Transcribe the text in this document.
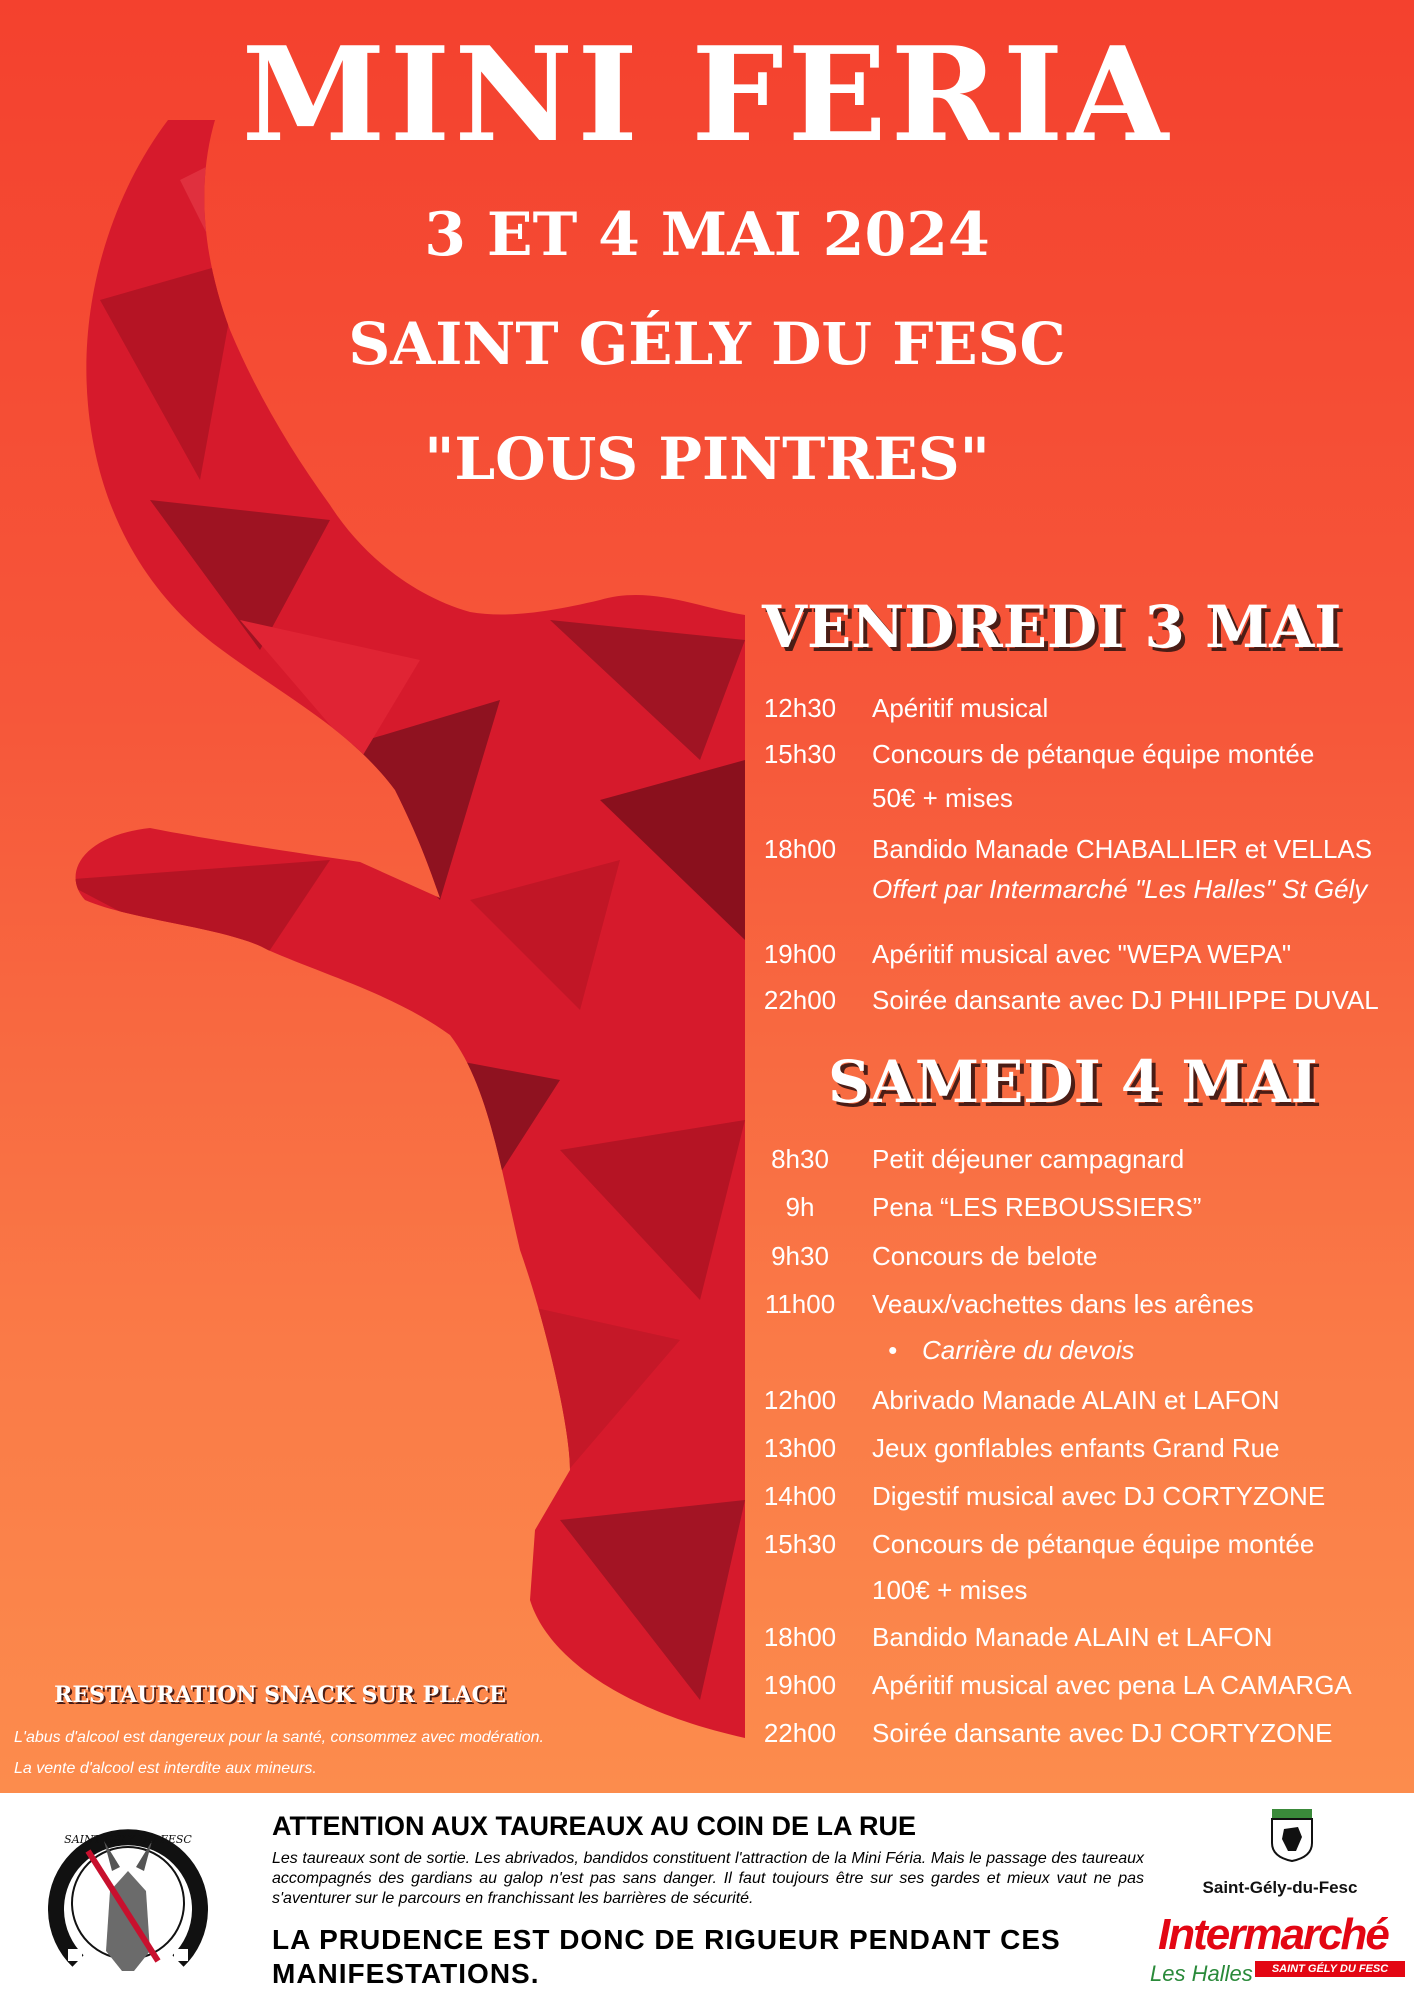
MINI FERIA
3 ET 4 MAI 2024
SAINT GÉLY DU FESC
"LOUS PINTRES"
VENDREDI 3 MAI
12h30	Apéritif musical
15h30	Concours de pétanque équipe montée
50€ + mises
18h00	Bandido Manade CHABALLIER et VELLAS
Offert par Intermarché "Les Halles" St Gély
19h00	Apéritif musical avec "WEPA WEPA"
22h00	Soirée dansante avec DJ PHILIPPE DUVAL
SAMEDI 4 MAI
8h30	Petit déjeuner campagnard
9h	Pena “LES REBOUSSIERS”
9h30	Concours de belote
11h00	Veaux/vachettes dans les arênes
• Carrière du devois
12h00	Abrivado Manade ALAIN et LAFON
13h00	Jeux gonflables enfants Grand Rue
14h00	Digestif musical avec DJ CORTYZONE
15h30	Concours de pétanque équipe montée
100€ + mises
18h00	Bandido Manade ALAIN et LAFON
19h00	Apéritif musical avec pena LA CAMARGA
22h00	Soirée dansante avec DJ CORTYZONE

RESTAURATION SNACK SUR PLACE

L'abus d'alcool est dangereux pour la santé, consommez avec modération.
La vente d'alcool est interdite aux mineurs.
SAINT GÉLY DU FESC	ATTENTION AUX TAUREAUX AU COIN DE LA RUE

Les taureaux sont de sortie. Les abrivados, bandidos constituent l'attraction de la Mini Féria. Mais le passage des taureaux accompagnés des gardians au galop n'est pas sans danger. Il faut toujours être sur ses gardes et mieux vaut ne pas s'aventurer sur le parcours en franchissant les barrières de sécurité.

LA PRUDENCE EST DONC DE RIGUEUR PENDANT CES MANIFESTATIONS.

Saint-Gély-du-Fesc

Intermarché

SAINT GÉLY DU FESC

Les Halles
